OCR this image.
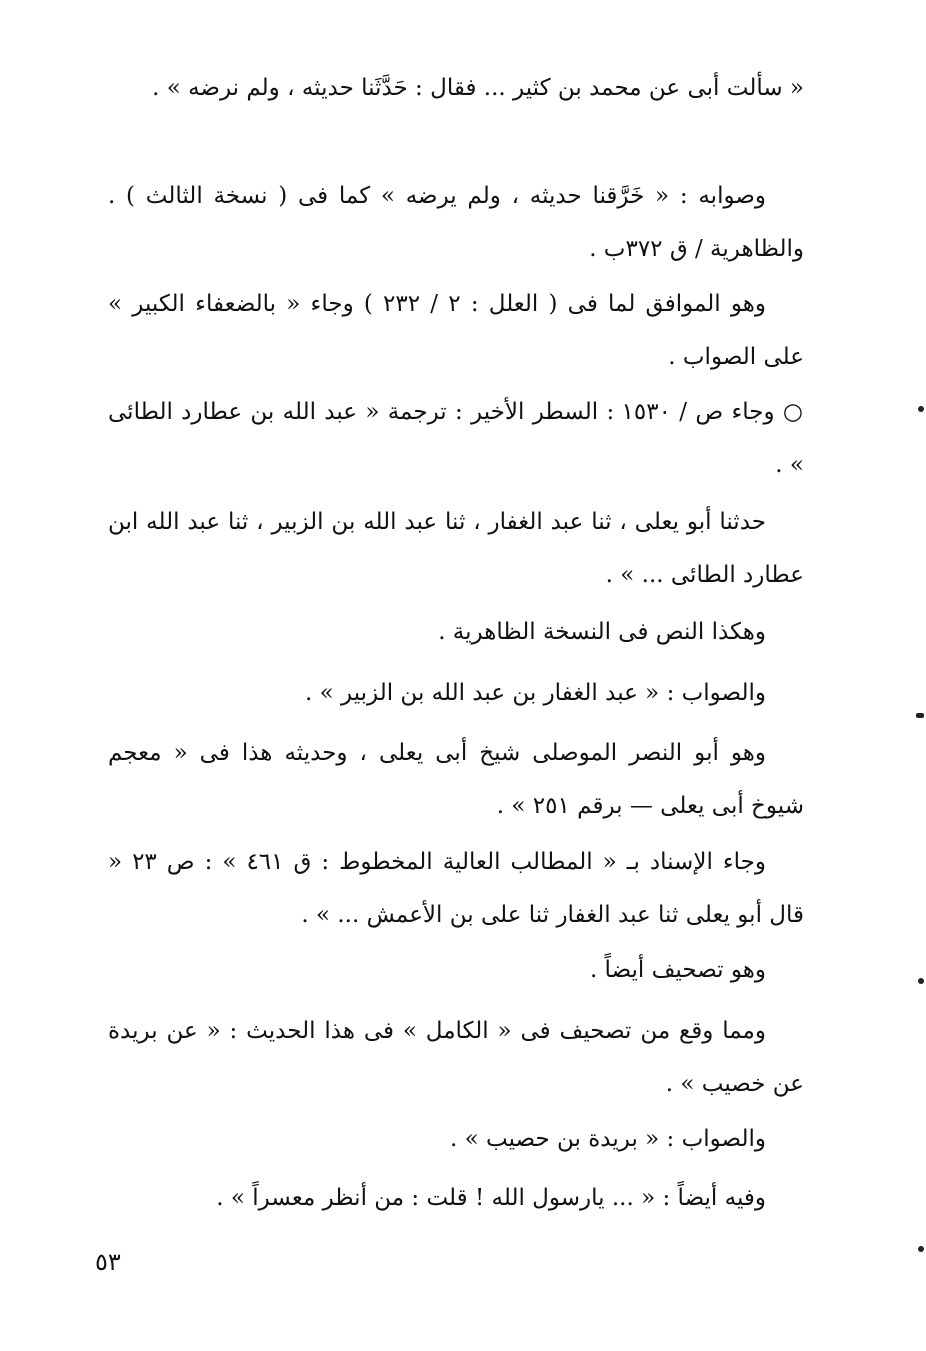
« سألت أبى عن محمد بن كثير ... فقال : حَدَّثَنا حديثه ، ولم نرضه » .

وصوابه : « خَرَّقنا حديثه ، ولم يرضه » كما فى ( نسخة الثالث ) . والظاهرية / ق ٣٧٢ب .

وهو الموافق لما فى ( العلل : ٢ / ٢٣٢ ) وجاء « بالضعفاء الكبير » على الصواب .

○ وجاء ص / ١٥٣٠ : السطر الأخير : ترجمة « عبد الله بن عطارد الطائى » .

حدثنا أبو يعلى ، ثنا عبد الغفار ، ثنا عبد الله بن الزبير ، ثنا عبد الله ابن عطارد الطائى ... » .

وهكذا النص فى النسخة الظاهرية .

والصواب : « عبد الغفار بن عبد الله بن الزبير » .

وهو أبو النصر الموصلى شيخ أبى يعلى ، وحديثه هذا فى « معجم شيوخ أبى يعلى — برقم ٢٥١ » .

وجاء الإسناد بـ « المطالب العالية المخطوط : ق ٤٦١ » : ص ٢٣ « قال أبو يعلى ثنا عبد الغفار ثنا على بن الأعمش ... » .

وهو تصحيف أيضاً .

ومما وقع من تصحيف فى « الكامل » فى هذا الحديث : « عن بريدة عن خصيب » .

والصواب : « بريدة بن حصيب » .

وفيه أيضاً : « ... يارسول الله ! قلت : من أنظر معسراً » .

٥٣
